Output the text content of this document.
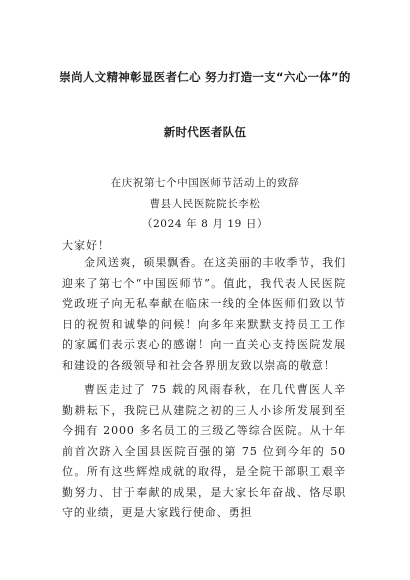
崇尚人文精神彰显医者仁心 努力打造一支“六心一体”的
新时代医者队伍
在庆祝第七个中国医师节活动上的致辞
曹县人民医院院长李松
（2024 年 8 月 19 日）
大家好！

金风送爽，硕果飘香。在这美丽的丰收季节，我们迎来了第七个“中国医师节”。值此，我代表人民医院党政班子向无私奉献在临床一线的全体医师们致以节日的祝贺和诚挚的问候！向多年来默默支持员工工作的家属们表示衷心的感谢！向一直关心支持医院发展和建设的各级领导和社会各界朋友致以崇高的敬意！

曹医走过了 75 载的风雨春秋，在几代曹医人辛勤耕耘下，我院已从建院之初的三人小诊所发展到至今拥有 2000 多名员工的三级乙等综合医院。从十年前首次跻入全国县医院百强的第 75 位到今年的 50 位。所有这些辉煌成就的取得，是全院干部职工艰辛勤努力、甘于奉献的成果，是大家长年奋战、恪尽职守的业绩，更是大家践行使命、勇担
